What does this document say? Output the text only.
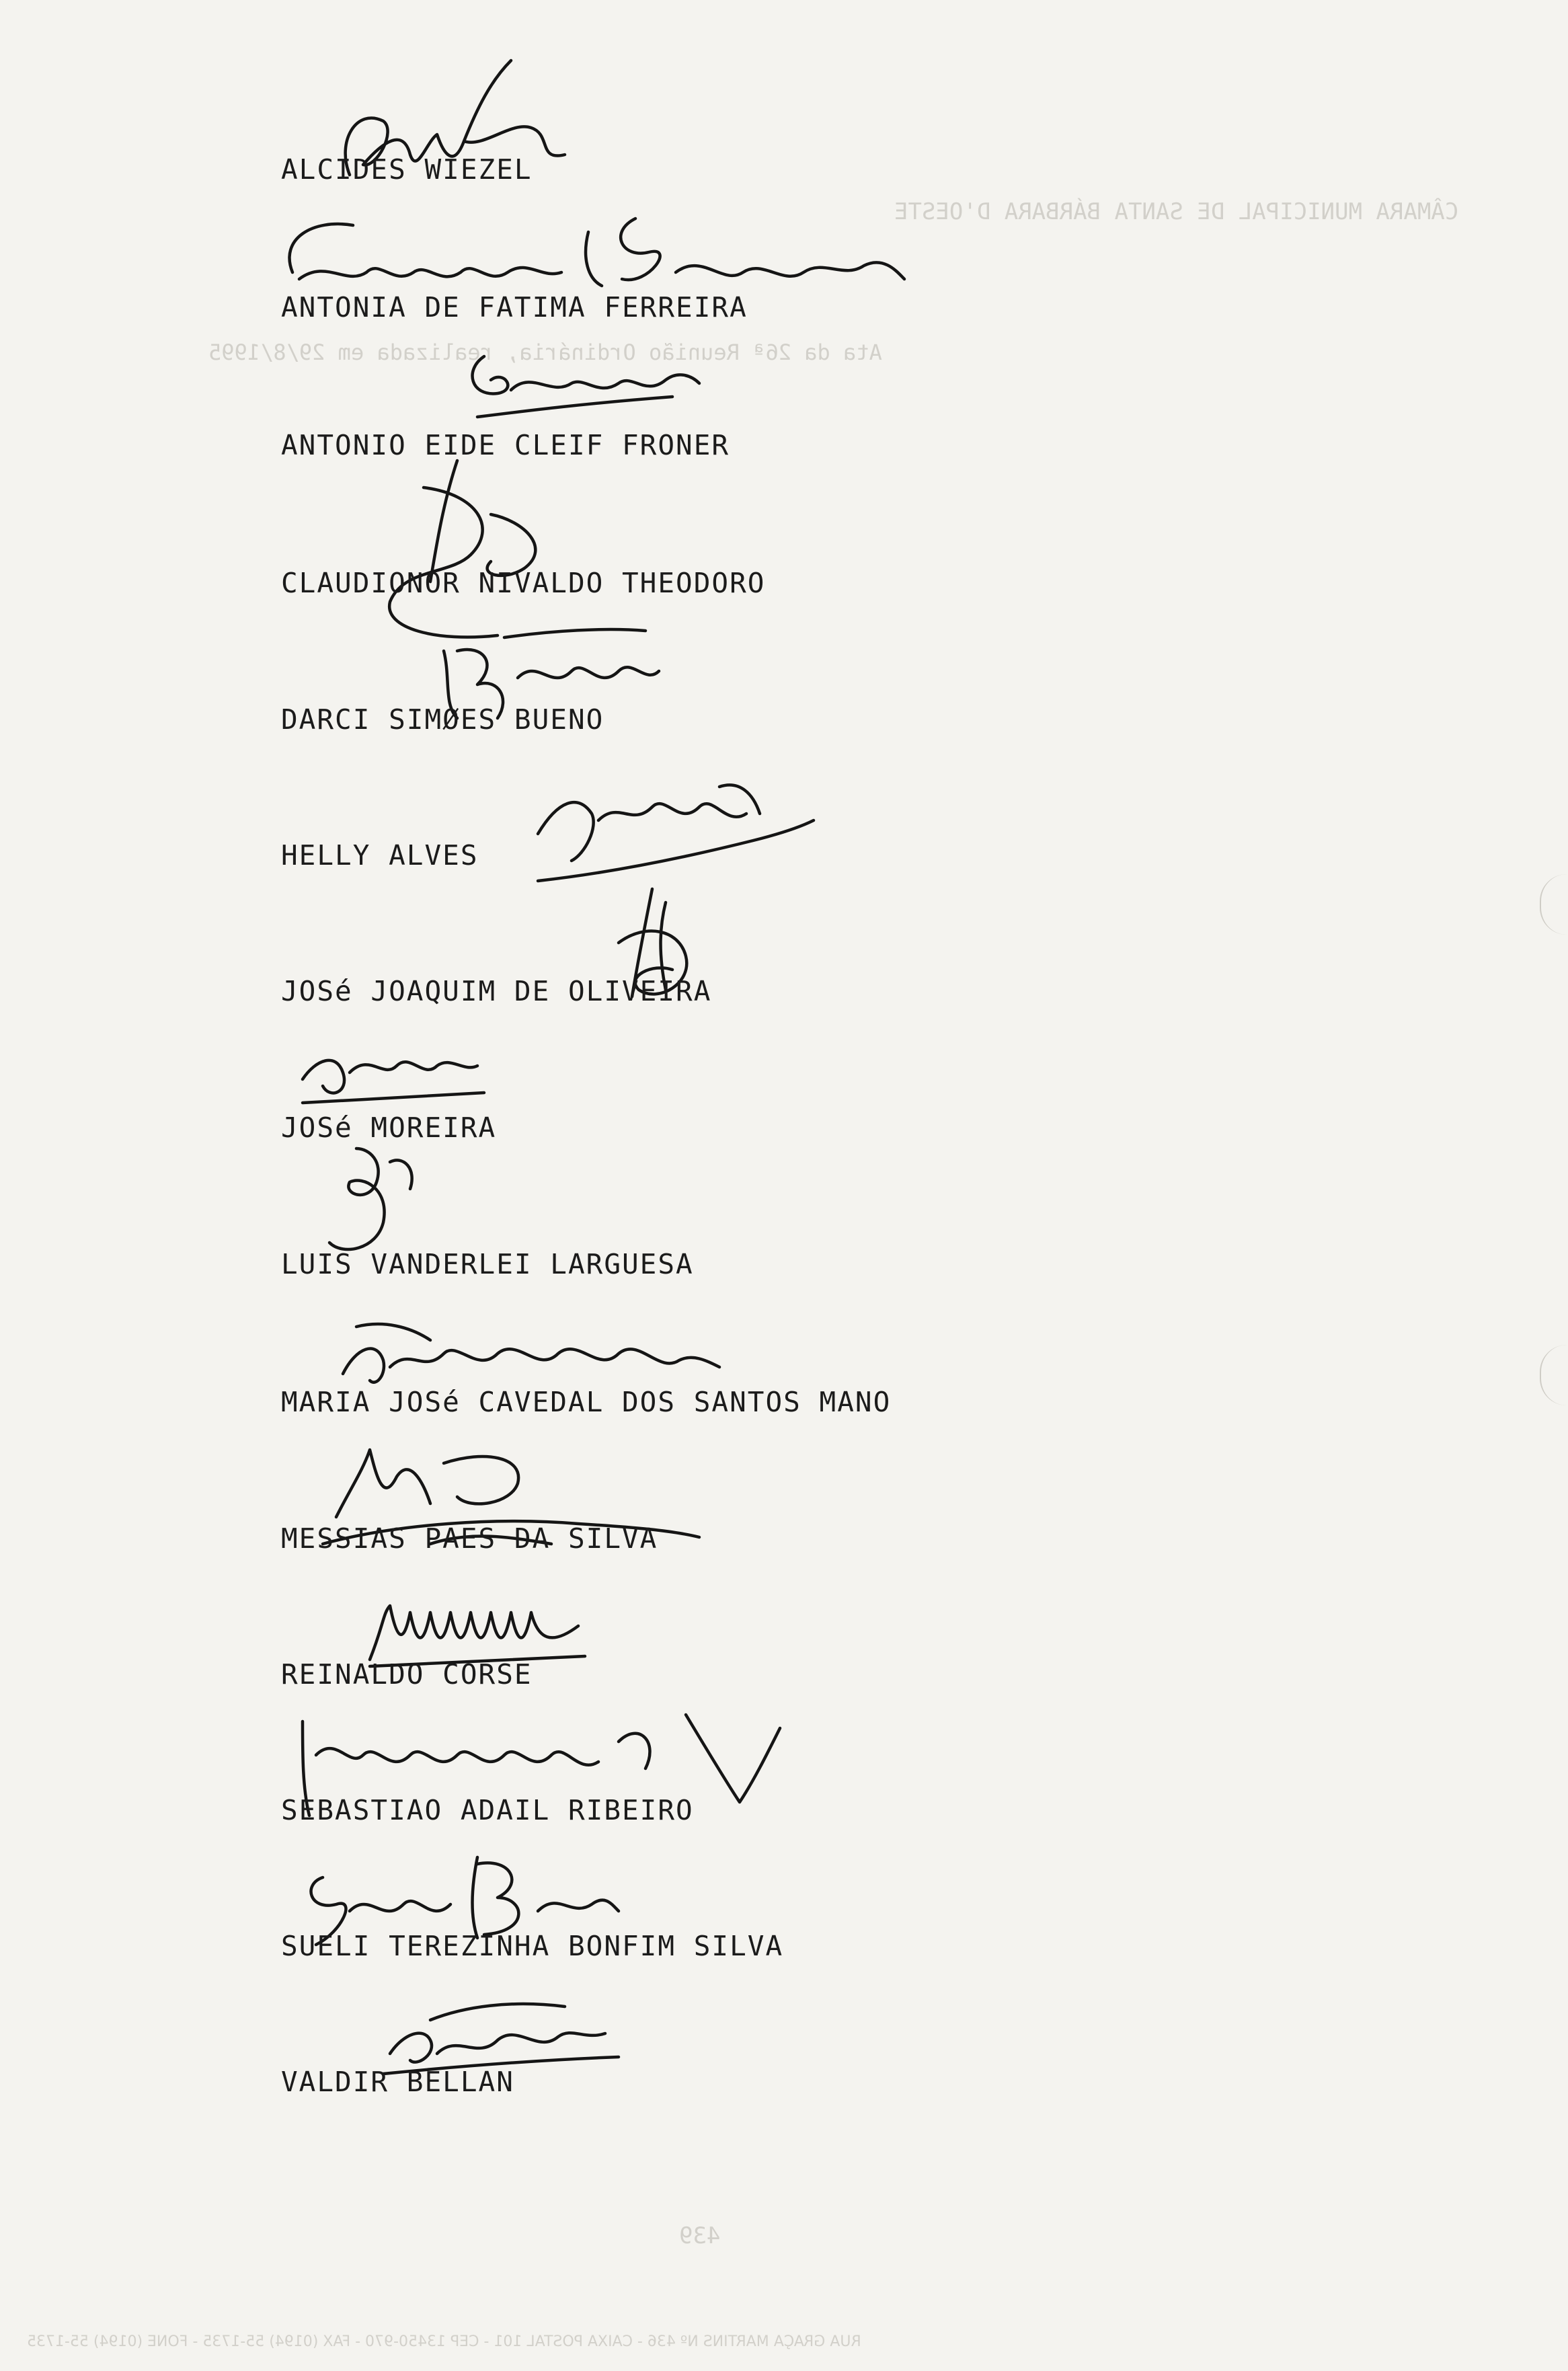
CÂMARA MUNICIPAL DE SANTA BÁRBARA D'OESTE
Ata da 26ª Reunião Ordinária, realizada em 29/8/1995
439
RUA GRAÇA MARTINS Nº 436 - CAIXA POSTAL 101 - CEP 13450-970 - FAX (0194) 55-1735 - FONE (0194) 55-1735
ALCIDES WIEZEL
ANTONIA DE FATIMA FERREIRA
ANTONIO EIDE CLEIF FRONER
CLAUDIONOR NIVALDO THEODORO
DARCI SIMØES BUENO
HELLY ALVES
JOSé JOAQUIM DE OLIVEIRA
JOSé MOREIRA
LUIS VANDERLEI LARGUESA
MARIA JOSé CAVEDAL DOS SANTOS MANO
MESSIAS PAES DA SILVA
REINALDO CORSE
SEBASTIAO ADAIL RIBEIRO
SUELI TEREZINHA BONFIM SILVA
VALDIR BELLAN
